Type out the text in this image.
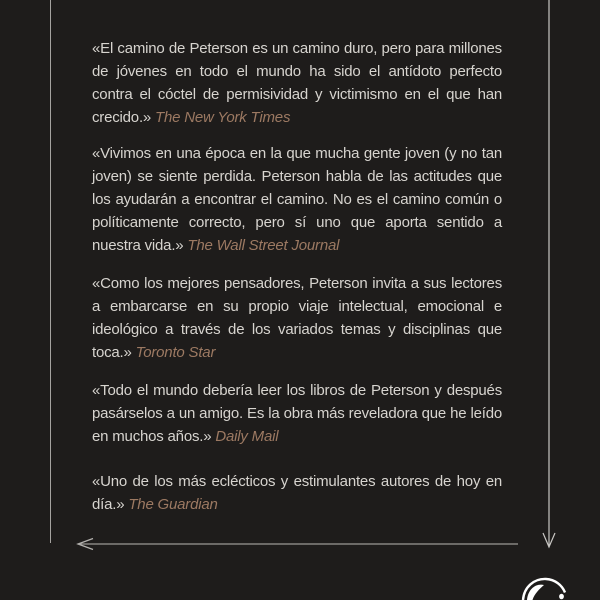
«El camino de Peterson es un camino duro, pero para millones de jóvenes en todo el mundo ha sido el antídoto perfecto contra el cóctel de permisividad y victimismo en el que han crecido.» The New York Times

«Vivimos en una época en la que mucha gente joven (y no tan joven) se siente perdida. Peterson habla de las actitudes que los ayudarán a encontrar el camino. No es el camino común o políticamente correcto, pero sí uno que aporta sentido a nuestra vida.» The Wall Street Journal

«Como los mejores pensadores, Peterson invita a sus lectores a embarcarse en su propio viaje intelectual, emocional e ideológico a través de los variados temas y disciplinas que toca.» Toronto Star

«Todo el mundo debería leer los libros de Peterson y después pasárselos a un amigo. Es la obra más reveladora que he leído en muchos años.» Daily Mail

«Uno de los más eclécticos y estimulantes autores de hoy en día.» The Guardian
